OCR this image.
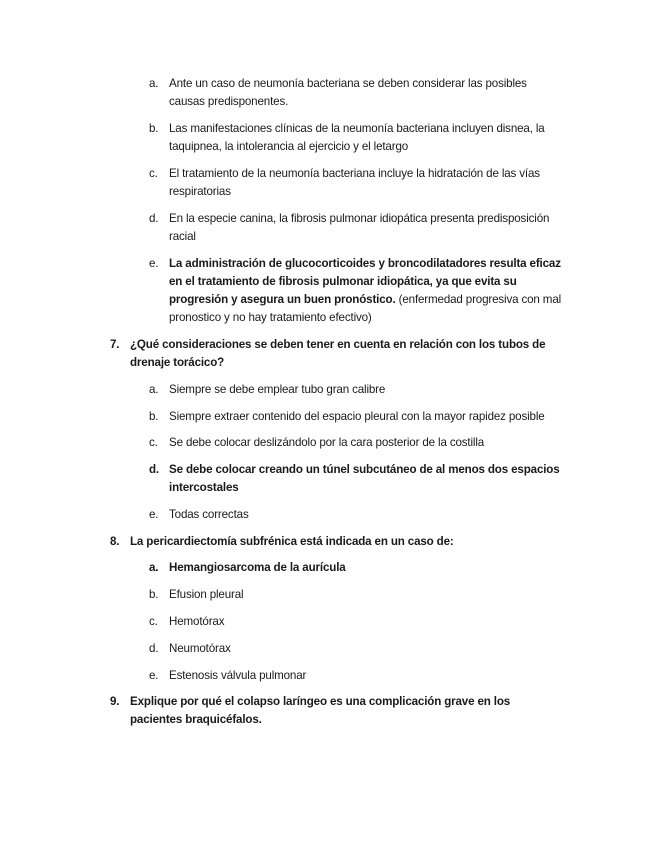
a. Ante un caso de neumonía bacteriana se deben considerar las posibles causas predisponentes.
b. Las manifestaciones clínicas de la neumonía bacteriana incluyen disnea, la taquipnea, la intolerancia al ejercicio y el letargo
c. El tratamiento de la neumonía bacteriana incluye la hidratación de las vías respiratorias
d. En la especie canina, la fibrosis pulmonar idiopática presenta predisposición racial
e. La administración de glucocorticoides y broncodilatadores resulta eficaz en el tratamiento de fibrosis pulmonar idiopática, ya que evita su progresión y asegura un buen pronóstico. (enfermedad progresiva con mal pronostico y no hay tratamiento efectivo)
7. ¿Qué consideraciones se deben tener en cuenta en relación con los tubos de drenaje torácico?
a. Siempre se debe emplear tubo gran calibre
b. Siempre extraer contenido del espacio pleural con la mayor rapidez posible
c. Se debe colocar deslizándolo por la cara posterior de la costilla
d. Se debe colocar creando un túnel subcutáneo de al menos dos espacios intercostales
e. Todas correctas
8. La pericardiectomía subfrénica está indicada en un caso de:
a. Hemangiosarcoma de la aurícula
b. Efusion pleural
c. Hemotórax
d. Neumotórax
e. Estenosis válvula pulmonar
9. Explique por qué el colapso laríngeo es una complicación grave en los pacientes braquicéfalos.
